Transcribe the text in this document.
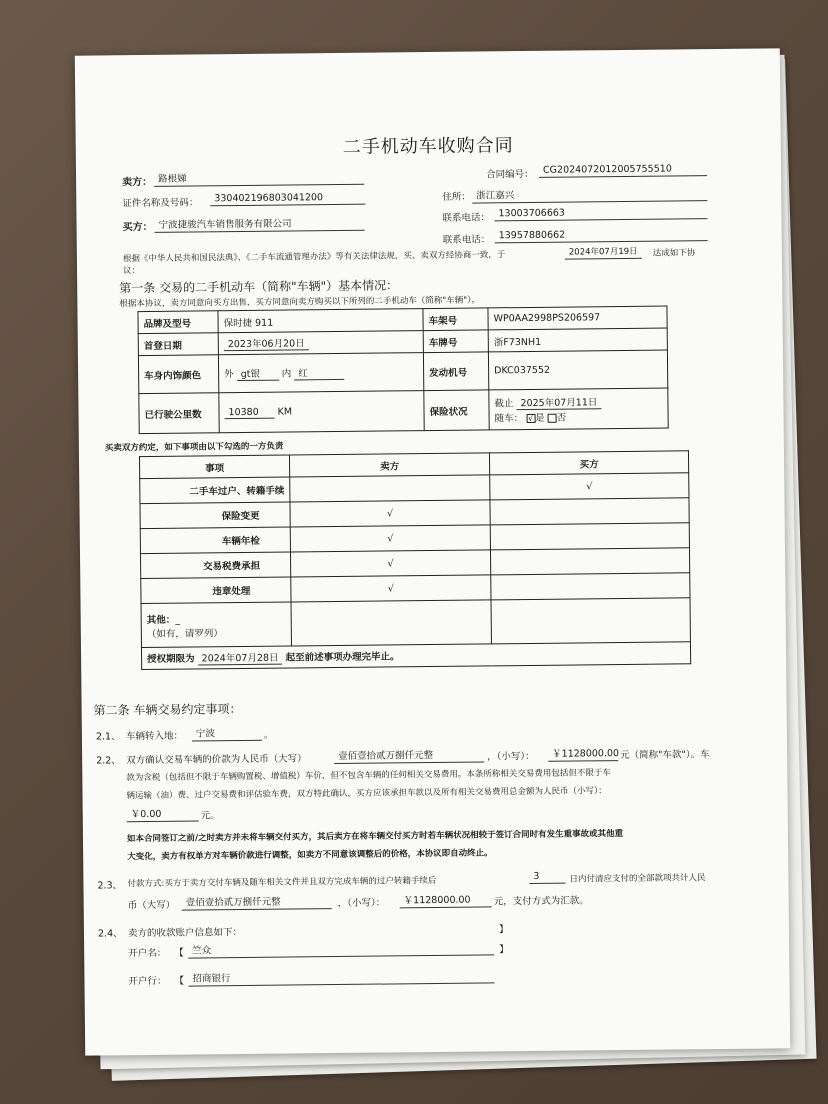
二手机动车收购合同
卖方： 路根娣	合同编号： CG2024072012005755510
证件名称及号码：	330402196803041200	住所： 浙江嘉兴
买方： 宁波捷骏汽车销售服务有限公司
联系电话： 13003706663
联系电话： 13957880662
根据《中华人民共和国民法典》、《二手车流通管理办法》等有关法律法规，买、卖双方经协商一致，于	2024年07月19日	达成如下协
议：
第一条 交易的二手机动车（简称"车辆"）基本情况：
根据本协议，卖方同意向买方出售，买方同意向卖方购买以下所列的二手机动车（简称"车辆"）。
品牌及型号	保时捷 911	车架号	WP0AA2998PS206597
首登日期	2023年06月20日	车牌号	浙F73NH1
车身内饰颜色	外 gt银 内 红	发动机号	DKC037552
已行驶公里数	10380 KM	保险状况	截止 2025年07月11日
随车： √ 是 否
买卖双方约定，如下事项由以下勾选的一方负责
事项	卖方	买方
二手车过户、转籍手续		√
保险变更	√	
车辆年检	√	
交易税费承担	√	
违章处理	√	

其他：_
（如有，请罗列）		

授权期限为 2024年07月28日 起至前述事项办理完毕止。		
第二条 车辆交易约定事项：
2.1、 车辆转入地：	宁波	。
2.2、 双方确认交易车辆的价款为人民币（大写）	壹佰壹拾贰万捌仟元整	，（小写）：	￥1128000.00 元（简称"车款"）。车
款为含税（包括但不限于车辆购置税、增值税）车价，但不包含车辆的任何相关交易费用。本条所称相关交易费用包括但不限于车
辆运输（油）费、过户交易费和评估验车费，双方特此确认，买方应该承担车款以及所有相关交易费用总金额为人民币（小写）：
￥0.00	元。
如本合同签订之前/之时卖方并未将车辆交付买方，其后卖方在将车辆交付买方时若车辆状况相较于签订合同时有发生重事故或其他重
大变化，卖方有权单方对车辆价款进行调整，如卖方不同意该调整后的价格，本协议即自动终止。
2.3、 付款方式:买方于卖方交付车辆及随车相关文件并且双方完成车辆的过户转籍手续后	3	日内付清应支付的全部款项共计人民
币（大写）	壹佰壹拾贰万捌仟元整	，（小写）：	￥1128000.00	元，支付方式为汇款。
2.4、 卖方的收款账户信息如下：	】
开户名： 【 竺众	】
开户行： 【 招商银行
